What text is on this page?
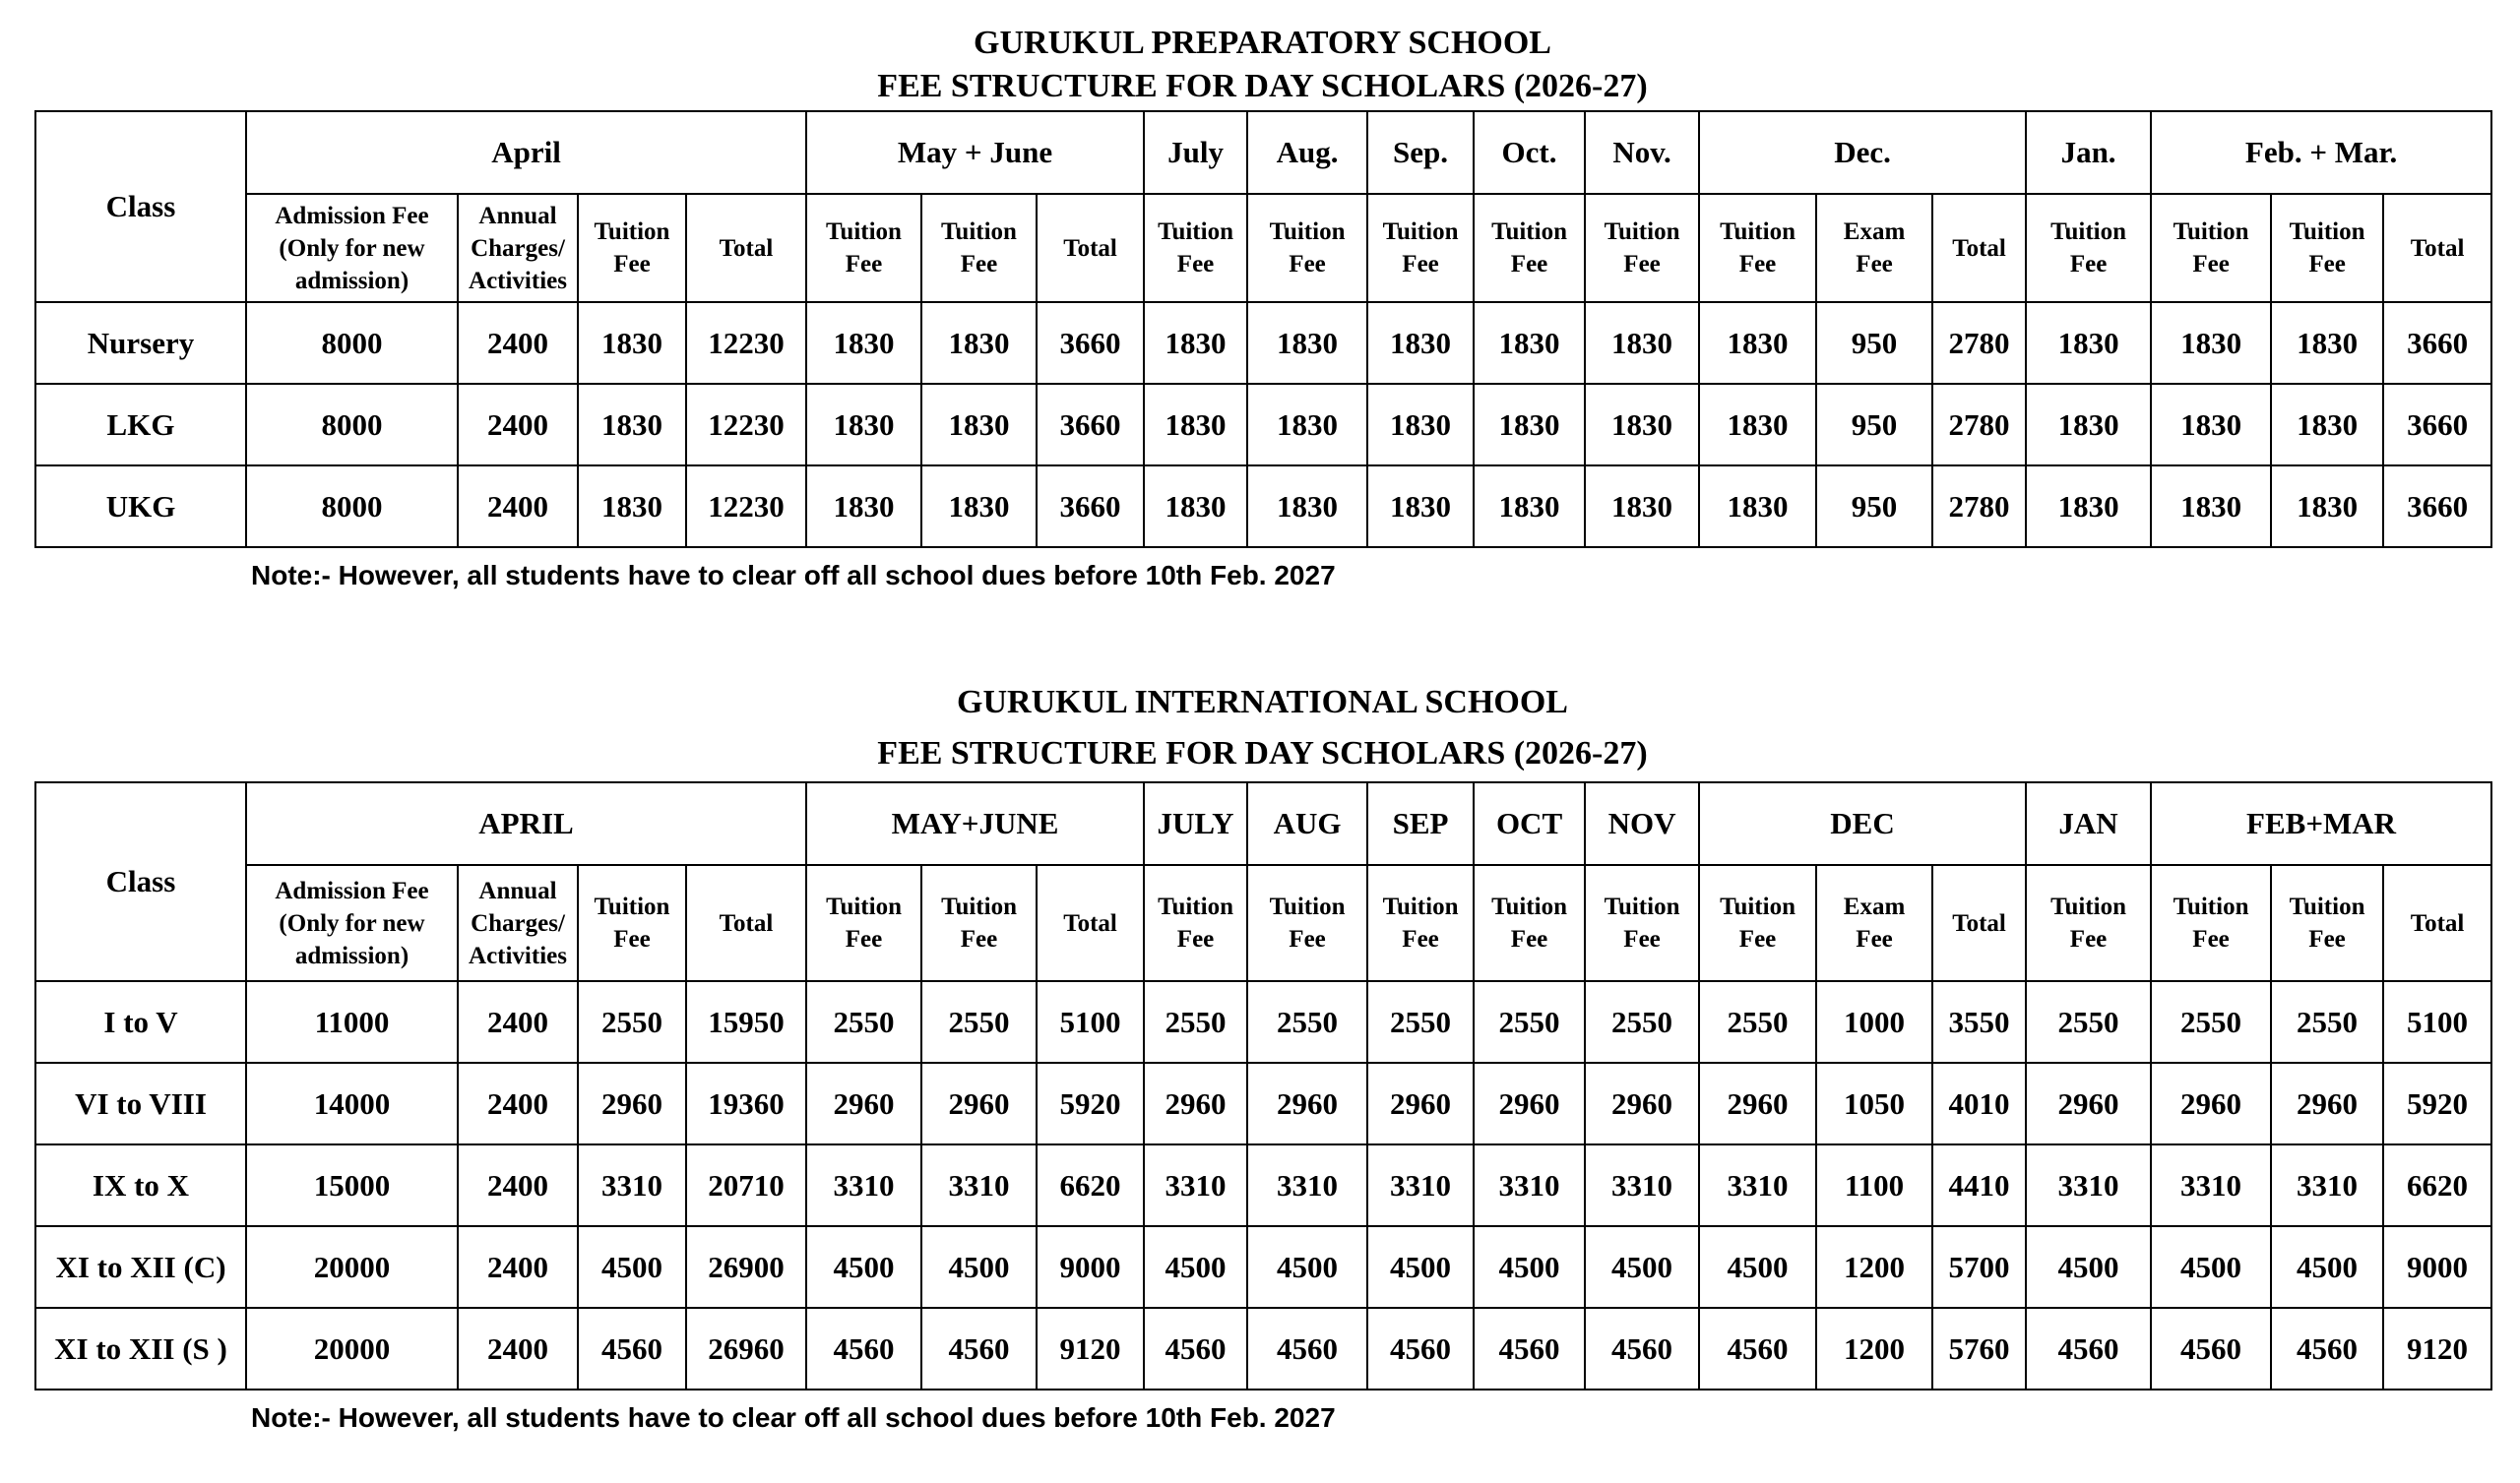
GURUKUL PREPARATORY SCHOOL

FEE STRUCTURE FOR DAY SCHOLARS (2026-27)

Class	April				May + June			July	Aug.	Sep.	Oct.	Nov.	Dec.			Jan.	Feb. + Mar.		
	Admission Fee
(Only for new
admission)	Annual
Charges/
Activities	Tuition
Fee	Total	Tuition
Fee	Tuition
Fee	Total	Tuition
Fee	Tuition
Fee	Tuition
Fee	Tuition
Fee	Tuition
Fee	Tuition
Fee	Exam
Fee	Total	Tuition
Fee	Tuition
Fee	Tuition
Fee	Total
Nursery	8000	2400	1830	12230	1830	1830	3660	1830	1830	1830	1830	1830	1830	950	2780	1830	1830	1830	3660
LKG	8000	2400	1830	12230	1830	1830	3660	1830	1830	1830	1830	1830	1830	950	2780	1830	1830	1830	3660
UKG	8000	2400	1830	12230	1830	1830	3660	1830	1830	1830	1830	1830	1830	950	2780	1830	1830	1830	3660

Note:- However, all students have to clear off all school dues before 10th Feb. 2027

GURUKUL INTERNATIONAL SCHOOL

FEE STRUCTURE FOR DAY SCHOLARS (2026-27)

Class	APRIL				MAY+JUNE			JULY	AUG	SEP	OCT	NOV	DEC			JAN	FEB+MAR		
	Admission Fee
(Only for new
admission)	Annual
Charges/
Activities	Tuition
Fee	Total	Tuition
Fee	Tuition
Fee	Total	Tuition
Fee	Tuition
Fee	Tuition
Fee	Tuition
Fee	Tuition
Fee	Tuition
Fee	Exam
Fee	Total	Tuition
Fee	Tuition
Fee	Tuition
Fee	Total
I to V	11000	2400	2550	15950	2550	2550	5100	2550	2550	2550	2550	2550	2550	1000	3550	2550	2550	2550	5100
VI to VIII	14000	2400	2960	19360	2960	2960	5920	2960	2960	2960	2960	2960	2960	1050	4010	2960	2960	2960	5920
IX to X	15000	2400	3310	20710	3310	3310	6620	3310	3310	3310	3310	3310	3310	1100	4410	3310	3310	3310	6620
XI to XII (C)	20000	2400	4500	26900	4500	4500	9000	4500	4500	4500	4500	4500	4500	1200	5700	4500	4500	4500	9000
XI to XII (S )	20000	2400	4560	26960	4560	4560	9120	4560	4560	4560	4560	4560	4560	1200	5760	4560	4560	4560	9120

Note:- However, all students have to clear off all school dues before 10th Feb. 2027
